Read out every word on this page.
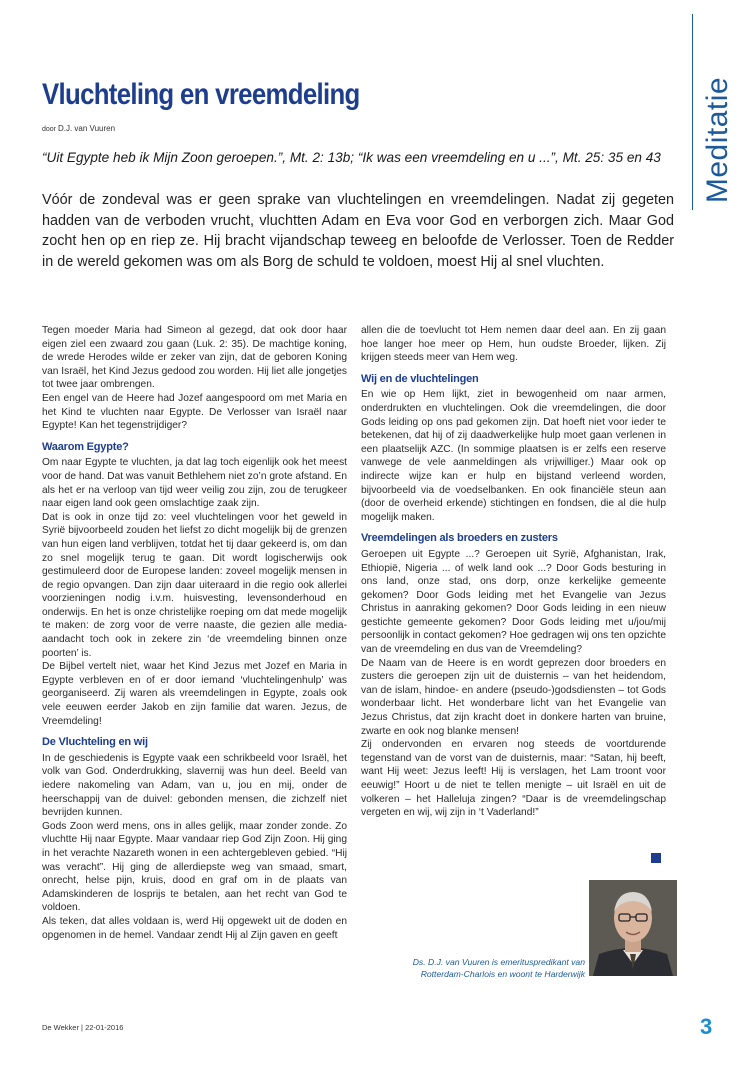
Meditatie
Vluchteling en vreemdeling
door D.J. van Vuuren
“Uit Egypte heb ik Mijn Zoon geroepen.”, Mt. 2: 13b; “Ik was een vreemdeling en u ...”, Mt. 25: 35 en 43

Vóór de zondeval was er geen sprake van vluchtelingen en vreemdelingen. Nadat zij gegeten hadden van de verboden vrucht, vluchtten Adam en Eva voor God en verborgen zich. Maar God zocht hen op en riep ze. Hij bracht vijandschap teweeg en beloofde de Verlosser. Toen de Redder in de wereld gekomen was om als Borg de schuld te voldoen, moest Hij al snel vluchten.

Tegen moeder Maria had Simeon al gezegd, dat ook door haar eigen ziel een zwaard zou gaan (Luk. 2: 35). De machtige koning, de wrede Herodes wilde er zeker van zijn, dat de geboren Koning van Israël, het Kind Jezus gedood zou worden. Hij liet alle jongetjes tot twee jaar ombrengen.

Een engel van de Heere had Jozef aangespoord om met Maria en het Kind te vluchten naar Egypte. De Verlosser van Israël naar Egypte! Kan het tegenstrijdiger?

Waarom Egypte?

Om naar Egypte te vluchten, ja dat lag toch eigenlijk ook het meest voor de hand. Dat was vanuit Bethlehem niet zo’n grote afstand. En als het er na verloop van tijd weer veilig zou zijn, zou de terugkeer naar eigen land ook geen omslachtige zaak zijn.

Dat is ook in onze tijd zo: veel vluchtelingen voor het geweld in Syrië bijvoorbeeld zouden het liefst zo dicht mogelijk bij de grenzen van hun eigen land verblijven, totdat het tij daar gekeerd is, om dan zo snel mogelijk terug te gaan. Dit wordt logischerwijs ook gestimuleerd door de Europese landen: zoveel mogelijk mensen in de regio opvangen. Dan zijn daar uiteraard in die regio ook allerlei voorzieningen nodig i.v.m. huisvesting, levensonderhoud en onderwijs. En het is onze christelijke roeping om dat mede mogelijk te maken: de zorg voor de verre naaste, die gezien alle media-aandacht toch ook in zekere zin ‘de vreemdeling binnen onze poorten’ is.

De Bijbel vertelt niet, waar het Kind Jezus met Jozef en Maria in Egypte verbleven en of er door iemand ‘vluchtelingenhulp’ was georganiseerd. Zij waren als vreemdelingen in Egypte, zoals ook vele eeuwen eerder Jakob en zijn familie dat waren. Jezus, de Vreemdeling!

De Vluchteling en wij

In de geschiedenis is Egypte vaak een schrikbeeld voor Israël, het volk van God. Onderdrukking, slavernij was hun deel. Beeld van iedere nakomeling van Adam, van u, jou en mij, onder de heerschappij van de duivel: gebonden mensen, die zichzelf niet bevrijden kunnen.

Gods Zoon werd mens, ons in alles gelijk, maar zonder zonde. Zo vluchtte Hij naar Egypte. Maar vandaar riep God Zijn Zoon. Hij ging in het verachte Nazareth wonen in een achtergebleven gebied. “Hij was veracht”. Hij ging de allerdiepste weg van smaad, smart, onrecht, helse pijn, kruis, dood en graf om in de plaats van Adamskinderen de losprijs te betalen, aan het recht van God te voldoen.

Als teken, dat alles voldaan is, werd Hij opgewekt uit de doden en opgenomen in de hemel. Vandaar zendt Hij al Zijn gaven en geeft

allen die de toevlucht tot Hem nemen daar deel aan. En zij gaan hoe langer hoe meer op Hem, hun oudste Broeder, lijken. Zij krijgen steeds meer van Hem weg.

Wij en de vluchtelingen

En wie op Hem lijkt, ziet in bewogenheid om naar armen, onderdrukten en vluchtelingen. Ook die vreemdelingen, die door Gods leiding op ons pad gekomen zijn. Dat hoeft niet voor ieder te betekenen, dat hij of zij daadwerkelijke hulp moet gaan verlenen in een plaatselijk AZC. (In sommige plaatsen is er zelfs een reserve vanwege de vele aanmeldingen als vrijwilliger.) Maar ook op indirecte wijze kan er hulp en bijstand verleend worden, bijvoorbeeld via de voedselbanken. En ook financiële steun aan (door de overheid erkende) stichtingen en fondsen, die al die hulp mogelijk maken.

Vreemdelingen als broeders en zusters

Geroepen uit Egypte ...? Geroepen uit Syrië, Afghanistan, Irak, Ethiopië, Nigeria ... of welk land ook ...? Door Gods besturing in ons land, onze stad, ons dorp, onze kerkelijke gemeente gekomen? Door Gods leiding met het Evangelie van Jezus Christus in aanraking gekomen? Door Gods leiding in een nieuw gestichte gemeente gekomen? Door Gods leiding met u/jou/mij persoonlijk in contact gekomen? Hoe gedragen wij ons ten opzichte van de vreemdeling en dus van de Vreemdeling?

De Naam van de Heere is en wordt geprezen door broeders en zusters die geroepen zijn uit de duisternis – van het heidendom, van de islam, hindoe- en andere (pseudo-)godsdiensten – tot Gods wonderbaar licht. Het wonderbare licht van het Evangelie van Jezus Christus, dat zijn kracht doet in donkere harten van bruine, zwarte en ook nog blanke mensen!

Zij ondervonden en ervaren nog steeds de voortdurende tegenstand van de vorst van de duisternis, maar: “Satan, hij beeft, want Hij weet: Jezus leeft! Hij is verslagen, het Lam troont voor eeuwig!” Hoort u de niet te tellen menigte – uit Israël en uit de volkeren – het Halleluja zingen? “Daar is de vreemdelingschap vergeten en wij, wij zijn in ‘t Vaderland!”

Ds. D.J. van Vuuren is emerituspredikant van
Rotterdam-Charlois en woont te Harderwijk
De Wekker | 22-01-2016	3
